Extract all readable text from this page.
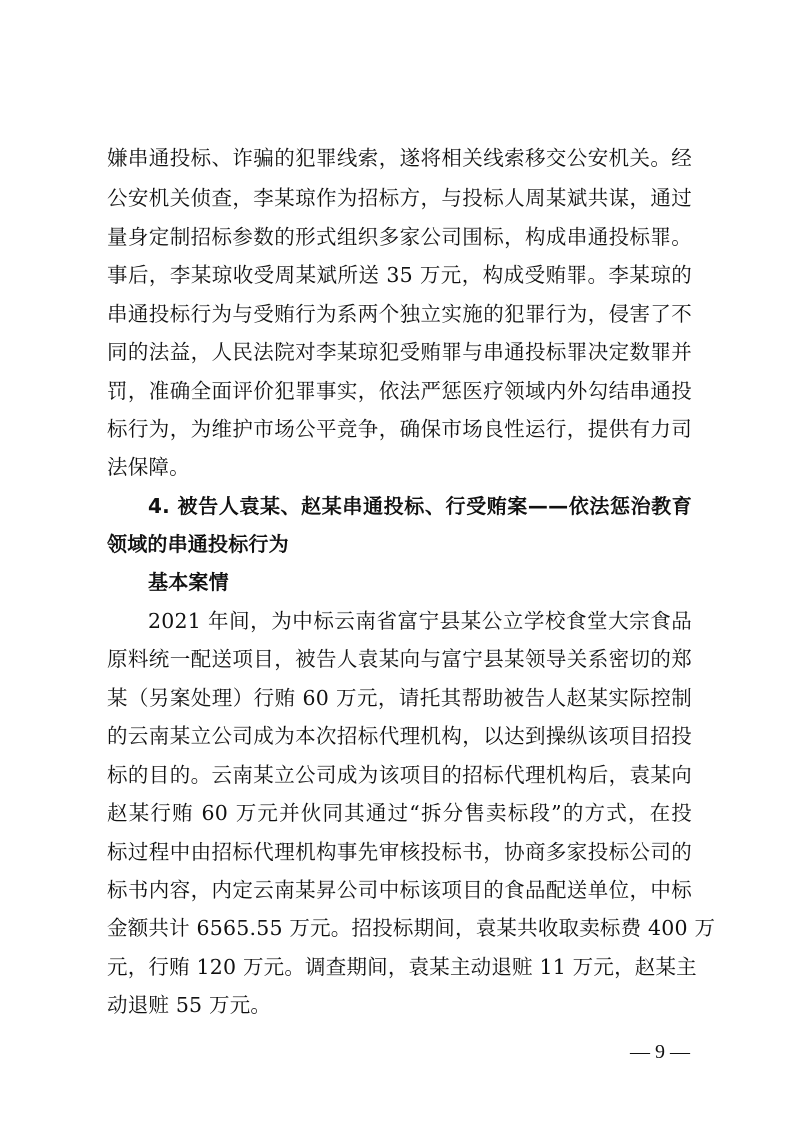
嫌串通投标、诈骗的犯罪线索，遂将相关线索移交公安机关。经
公安机关侦查，李某琼作为招标方，与投标人周某斌共谋，通过
量身定制招标参数的形式组织多家公司围标，构成串通投标罪。
事后，李某琼收受周某斌所送 35 万元，构成受贿罪。李某琼的
串通投标行为与受贿行为系两个独立实施的犯罪行为，侵害了不
同的法益，人民法院对李某琼犯受贿罪与串通投标罪决定数罪并
罚，准确全面评价犯罪事实，依法严惩医疗领域内外勾结串通投
标行为，为维护市场公平竞争，确保市场良性运行，提供有力司
法保障。
4. 被告人袁某、赵某串通投标、行受贿案——依法惩治教育
领域的串通投标行为
基本案情
2021 年间，为中标云南省富宁县某公立学校食堂大宗食品
原料统一配送项目，被告人袁某向与富宁县某领导关系密切的郑
某（另案处理）行贿 60 万元，请托其帮助被告人赵某实际控制
的云南某立公司成为本次招标代理机构，以达到操纵该项目招投
标的目的。云南某立公司成为该项目的招标代理机构后，袁某向
赵某行贿 60 万元并伙同其通过“拆分售卖标段”的方式，在投
标过程中由招标代理机构事先审核投标书，协商多家投标公司的
标书内容，内定云南某昇公司中标该项目的食品配送单位，中标
金额共计 6565.55 万元。招投标期间，袁某共收取卖标费 400 万
元，行贿 120 万元。调查期间，袁某主动退赃 11 万元，赵某主
动退赃 55 万元。
— 9 —
